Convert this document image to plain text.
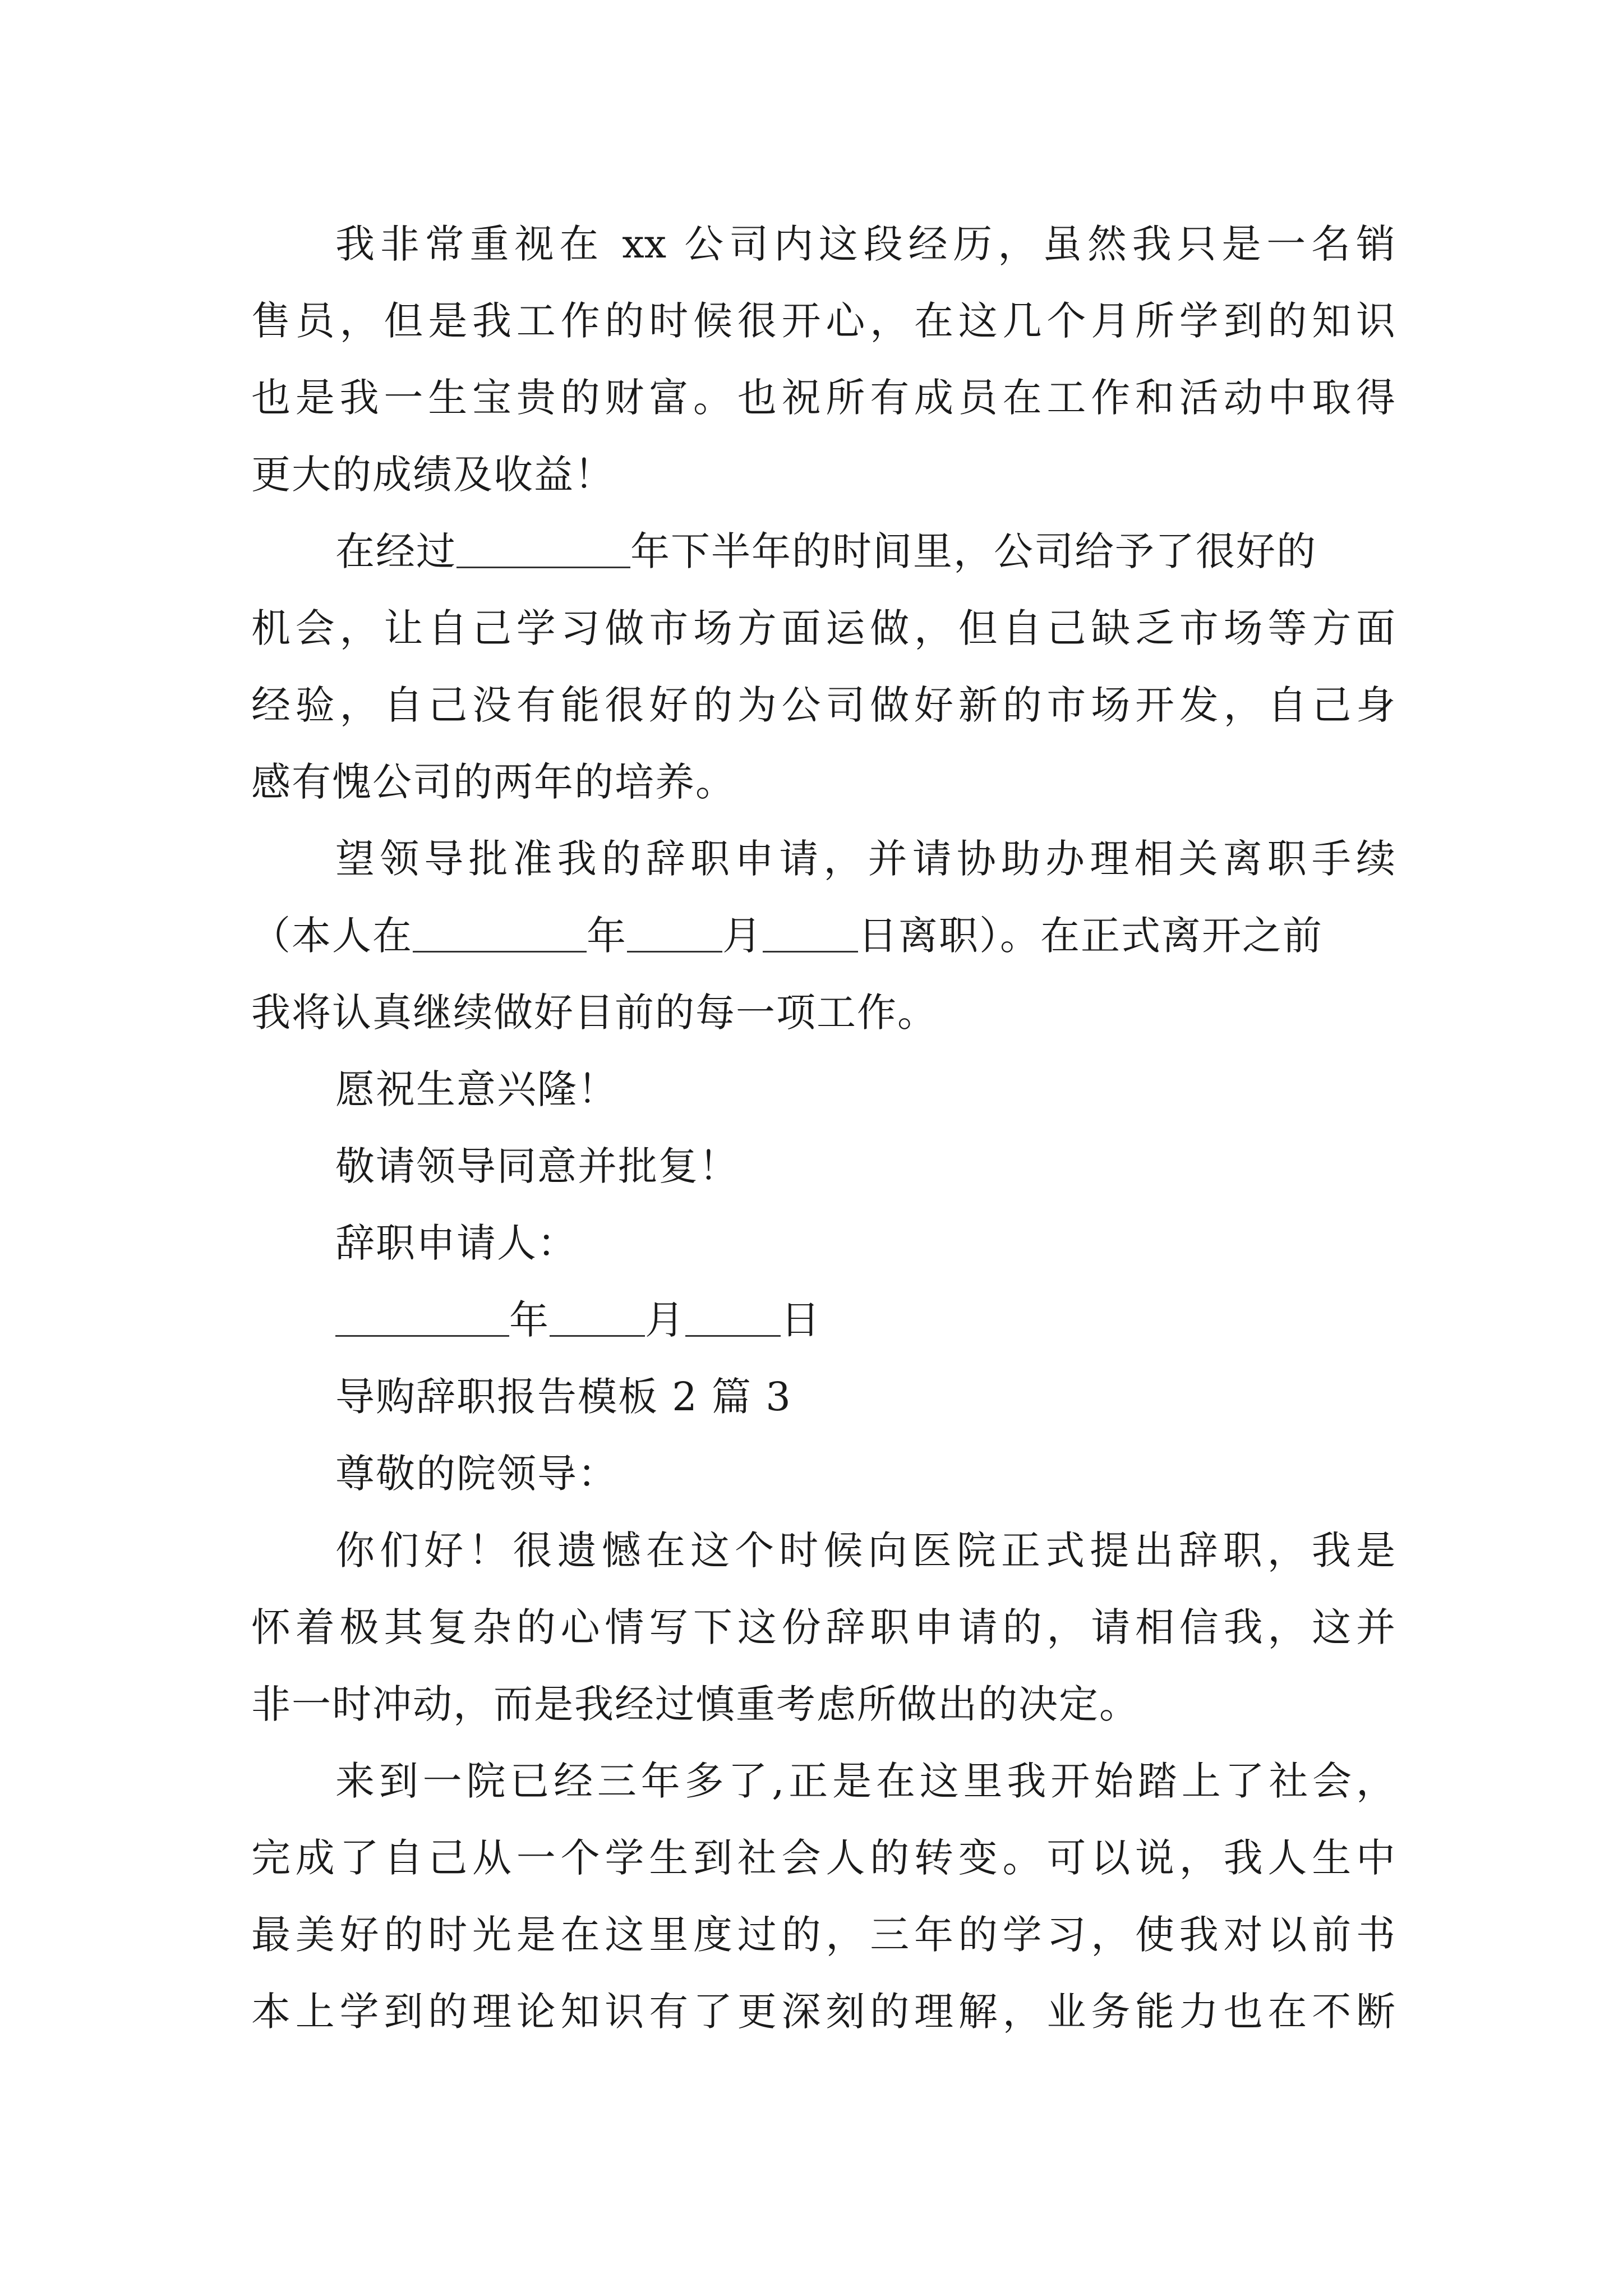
我非常重视在 xx 公司内这段经历，虽然我只是一名销
售员，但是我工作的时候很开心，在这几个月所学到的知识
也是我一生宝贵的财富。也祝所有成员在工作和活动中取得
更大的成绩及收益！
在经过	年下半年的时间里，公司给予了很好的
机会，让自己学习做市场方面运做，但自己缺乏市场等方面
经验，自己没有能很好的为公司做好新的市场开发，自己身
感有愧公司的两年的培养。
望领导批准我的辞职申请，并请协助办理相关离职手续
（本人在	年 月 日离职）。在正式离开之前
我将认真继续做好目前的每一项工作。
愿祝生意兴隆！
敬请领导同意并批复！
辞职申请人：
年 月 日
导购辞职报告模板 2 篇 3
尊敬的院领导：
你们好！很遗憾在这个时候向医院正式提出辞职，我是
怀着极其复杂的心情写下这份辞职申请的，请相信我，这并
非一时冲动，而是我经过慎重考虑所做出的决定。
来到一院已经三年多了,正是在这里我开始踏上了社会，
完成了自己从一个学生到社会人的转变。可以说，我人生中
最美好的时光是在这里度过的，三年的学习，使我对以前书
本上学到的理论知识有了更深刻的理解，业务能力也在不断
